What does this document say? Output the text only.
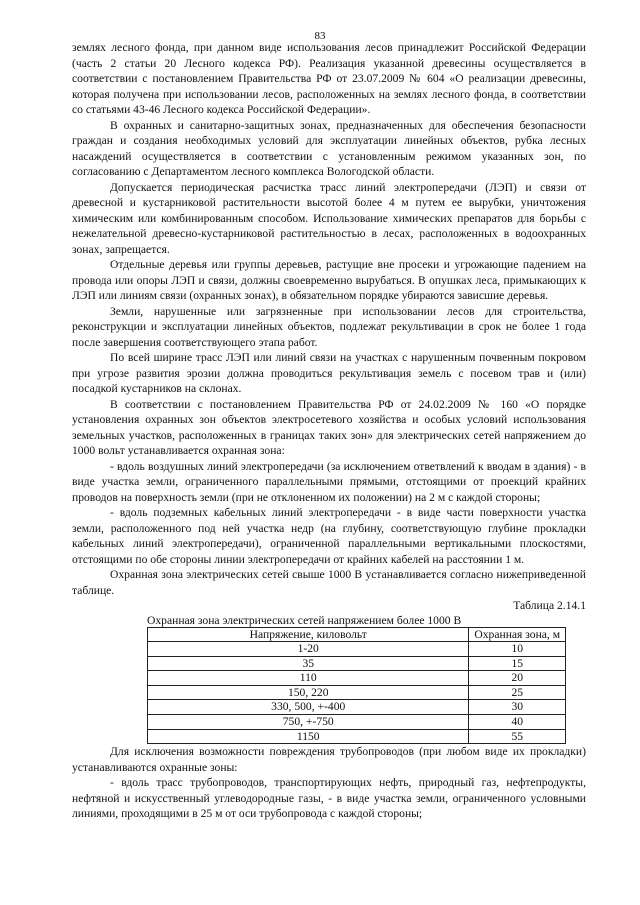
83

землях лесного фонда, при данном виде использования лесов принадлежит Российской Федерации (часть 2 статьи 20 Лесного кодекса РФ). Реализация указанной древесины осуществляется в соответствии с постановлением Правительства РФ от 23.07.2009 № 604 «О реализации древесины, которая получена при использовании лесов, расположенных на землях лесного фонда, в соответствии со статьями 43-46 Лесного кодекса Российской Федерации».

В охранных и санитарно-защитных зонах, предназначенных для обеспечения безопасности граждан и создания необходимых условий для эксплуатации линейных объектов, рубка лесных насаждений осуществляется в соответствии с установленным режимом указанных зон, по согласованию с Департаментом лесного комплекса Вологодской области.

Допускается периодическая расчистка трасс линий электропередачи (ЛЭП) и связи от древесной и кустарниковой растительности высотой более 4 м путем ее вырубки, уничтожения химическим или комбинированным способом. Использование химических препаратов для борьбы с нежелательной древесно-кустарниковой растительностью в лесах, расположенных в водоохранных зонах, запрещается.

Отдельные деревья или группы деревьев, растущие вне просеки и угрожающие падением на провода или опоры ЛЭП и связи, должны своевременно вырубаться. В опушках леса, примыкающих к ЛЭП или линиям связи (охранных зонах), в обязательном порядке убираются зависшие деревья.

Земли, нарушенные или загрязненные при использовании лесов для строительства, реконструкции и эксплуатации линейных объектов, подлежат рекультивации в срок не более 1 года после завершения соответствующего этапа работ.

По всей ширине трасс ЛЭП или линий связи на участках с нарушенным почвенным покровом при угрозе развития эрозии должна проводиться рекультивация земель с посевом трав и (или) посадкой кустарников на склонах.

В соответствии с постановлением Правительства РФ от 24.02.2009 № 160 «О порядке установления охранных зон объектов электросетевого хозяйства и особых условий использования земельных участков, расположенных в границах таких зон» для электрических сетей напряжением до 1000 вольт устанавливается охранная зона:

- вдоль воздушных линий электропередачи (за исключением ответвлений к вводам в здания) - в виде участка земли, ограниченного параллельными прямыми, отстоящими от проекций крайних проводов на поверхность земли (при не отклоненном их положении) на 2 м с каждой стороны;

- вдоль подземных кабельных линий электропередачи - в виде части поверхности участка земли, расположенного под ней участка недр (на глубину, соответствующую глубине прокладки кабельных линий электропередачи), ограниченной параллельными вертикальными плоскостями, отстоящими по обе стороны линии электропередачи от крайних кабелей на расстоянии 1 м.

Охранная зона электрических сетей свыше 1000 В устанавливается согласно нижеприведенной таблице.

Таблица 2.14.1
Охранная зона электрических сетей напряжением более 1000 В
Напряжение, киловольт	Охранная зона, м
1-20	10
35	15
110	20
150, 220	25
330, 500, +-400	30
750, +-750	40
1150	55

Для исключения возможности повреждения трубопроводов (при любом виде их прокладки) устанавливаются охранные зоны:

- вдоль трасс трубопроводов, транспортирующих нефть, природный газ, нефтепродукты, нефтяной и искусственный углеводородные газы, - в виде участка земли, ограниченного условными линиями, проходящими в 25 м от оси трубопровода с каждой стороны;
